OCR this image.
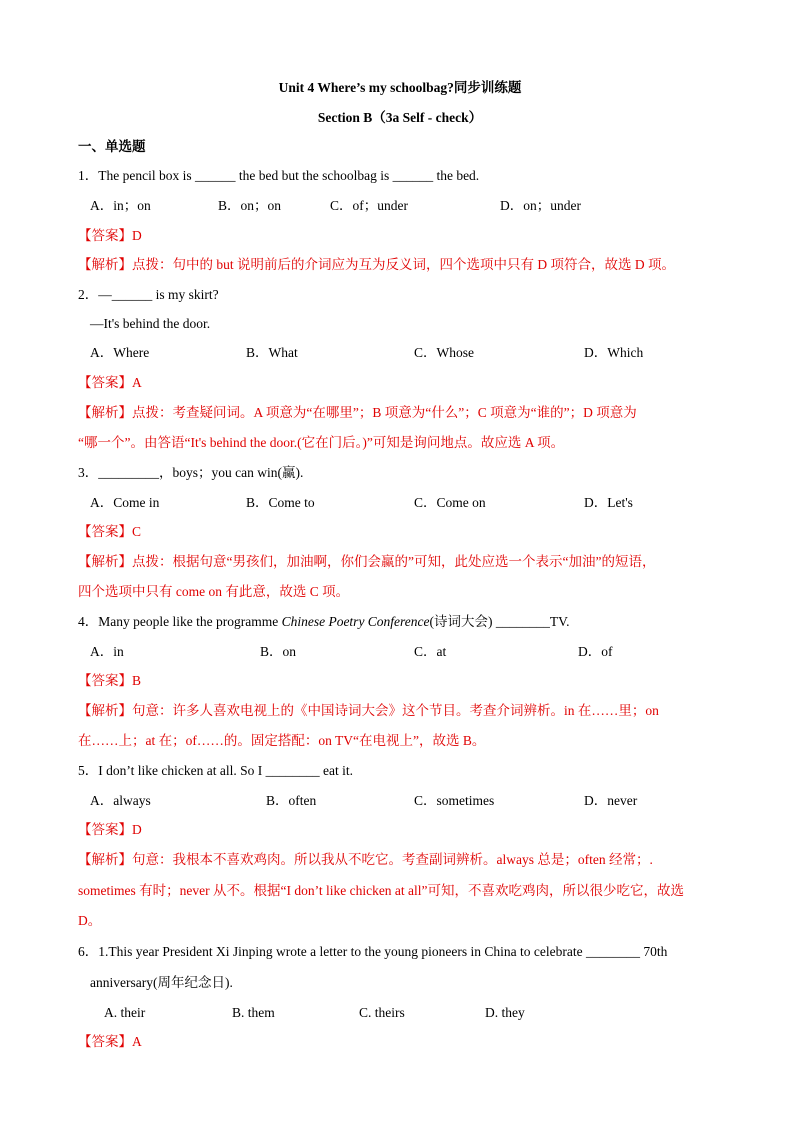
Unit 4 Where’s my schoolbag?同步训练题
Section B（3a Self - check）
一、单选题
1．The pencil box is ______ the bed but the schoolbag is ______ the bed.
A．in；on	B．on；on	C．of；under	D．on；under
【答案】D
【解析】点拨：句中的 but 说明前后的介词应为互为反义词，四个选项中只有 D 项符合，故选 D 项。
2．—______ is my skirt?
—It's behind the door.
A．Where	B．What	C．Whose	D．Which
【答案】A
【解析】点拨：考查疑问词。A 项意为“在哪里”；B 项意为“什么”；C 项意为“谁的”；D 项意为
“哪一个”。由答语“It's behind the door.(它在门后。)”可知是询问地点。故应选 A 项。
3．_________，boys；you can win(赢).
A．Come in	B．Come to	C．Come on	D．Let's
【答案】C
【解析】点拨：根据句意“男孩们，加油啊，你们会赢的”可知，此处应选一个表示“加油”的短语，
四个选项中只有 come on 有此意，故选 C 项。
4．Many people like the programme Chinese Poetry Conference(诗词大会) ________TV.
A．in	B．on	C．at	D．of
【答案】B
【解析】句意：许多人喜欢电视上的《中国诗词大会》这个节目。考查介词辨析。in 在……里；on
在……上；at 在；of……的。固定搭配：on TV“在电视上”，故选 B。
5．I don’t like chicken at all. So I ________ eat it.
A．always	B．often	C．sometimes	D．never
【答案】D
【解析】句意：我根本不喜欢鸡肉。所以我从不吃它。考查副词辨析。always 总是；often 经常；.
sometimes 有时；never 从不。根据“I don’t like chicken at all”可知，不喜欢吃鸡肉，所以很少吃它，故选
D。
6．1.This year President Xi Jinping wrote a letter to the young pioneers in China to celebrate ________ 70th
anniversary(周年纪念日).
A. their	B. them	C. theirs	D. they
【答案】A
